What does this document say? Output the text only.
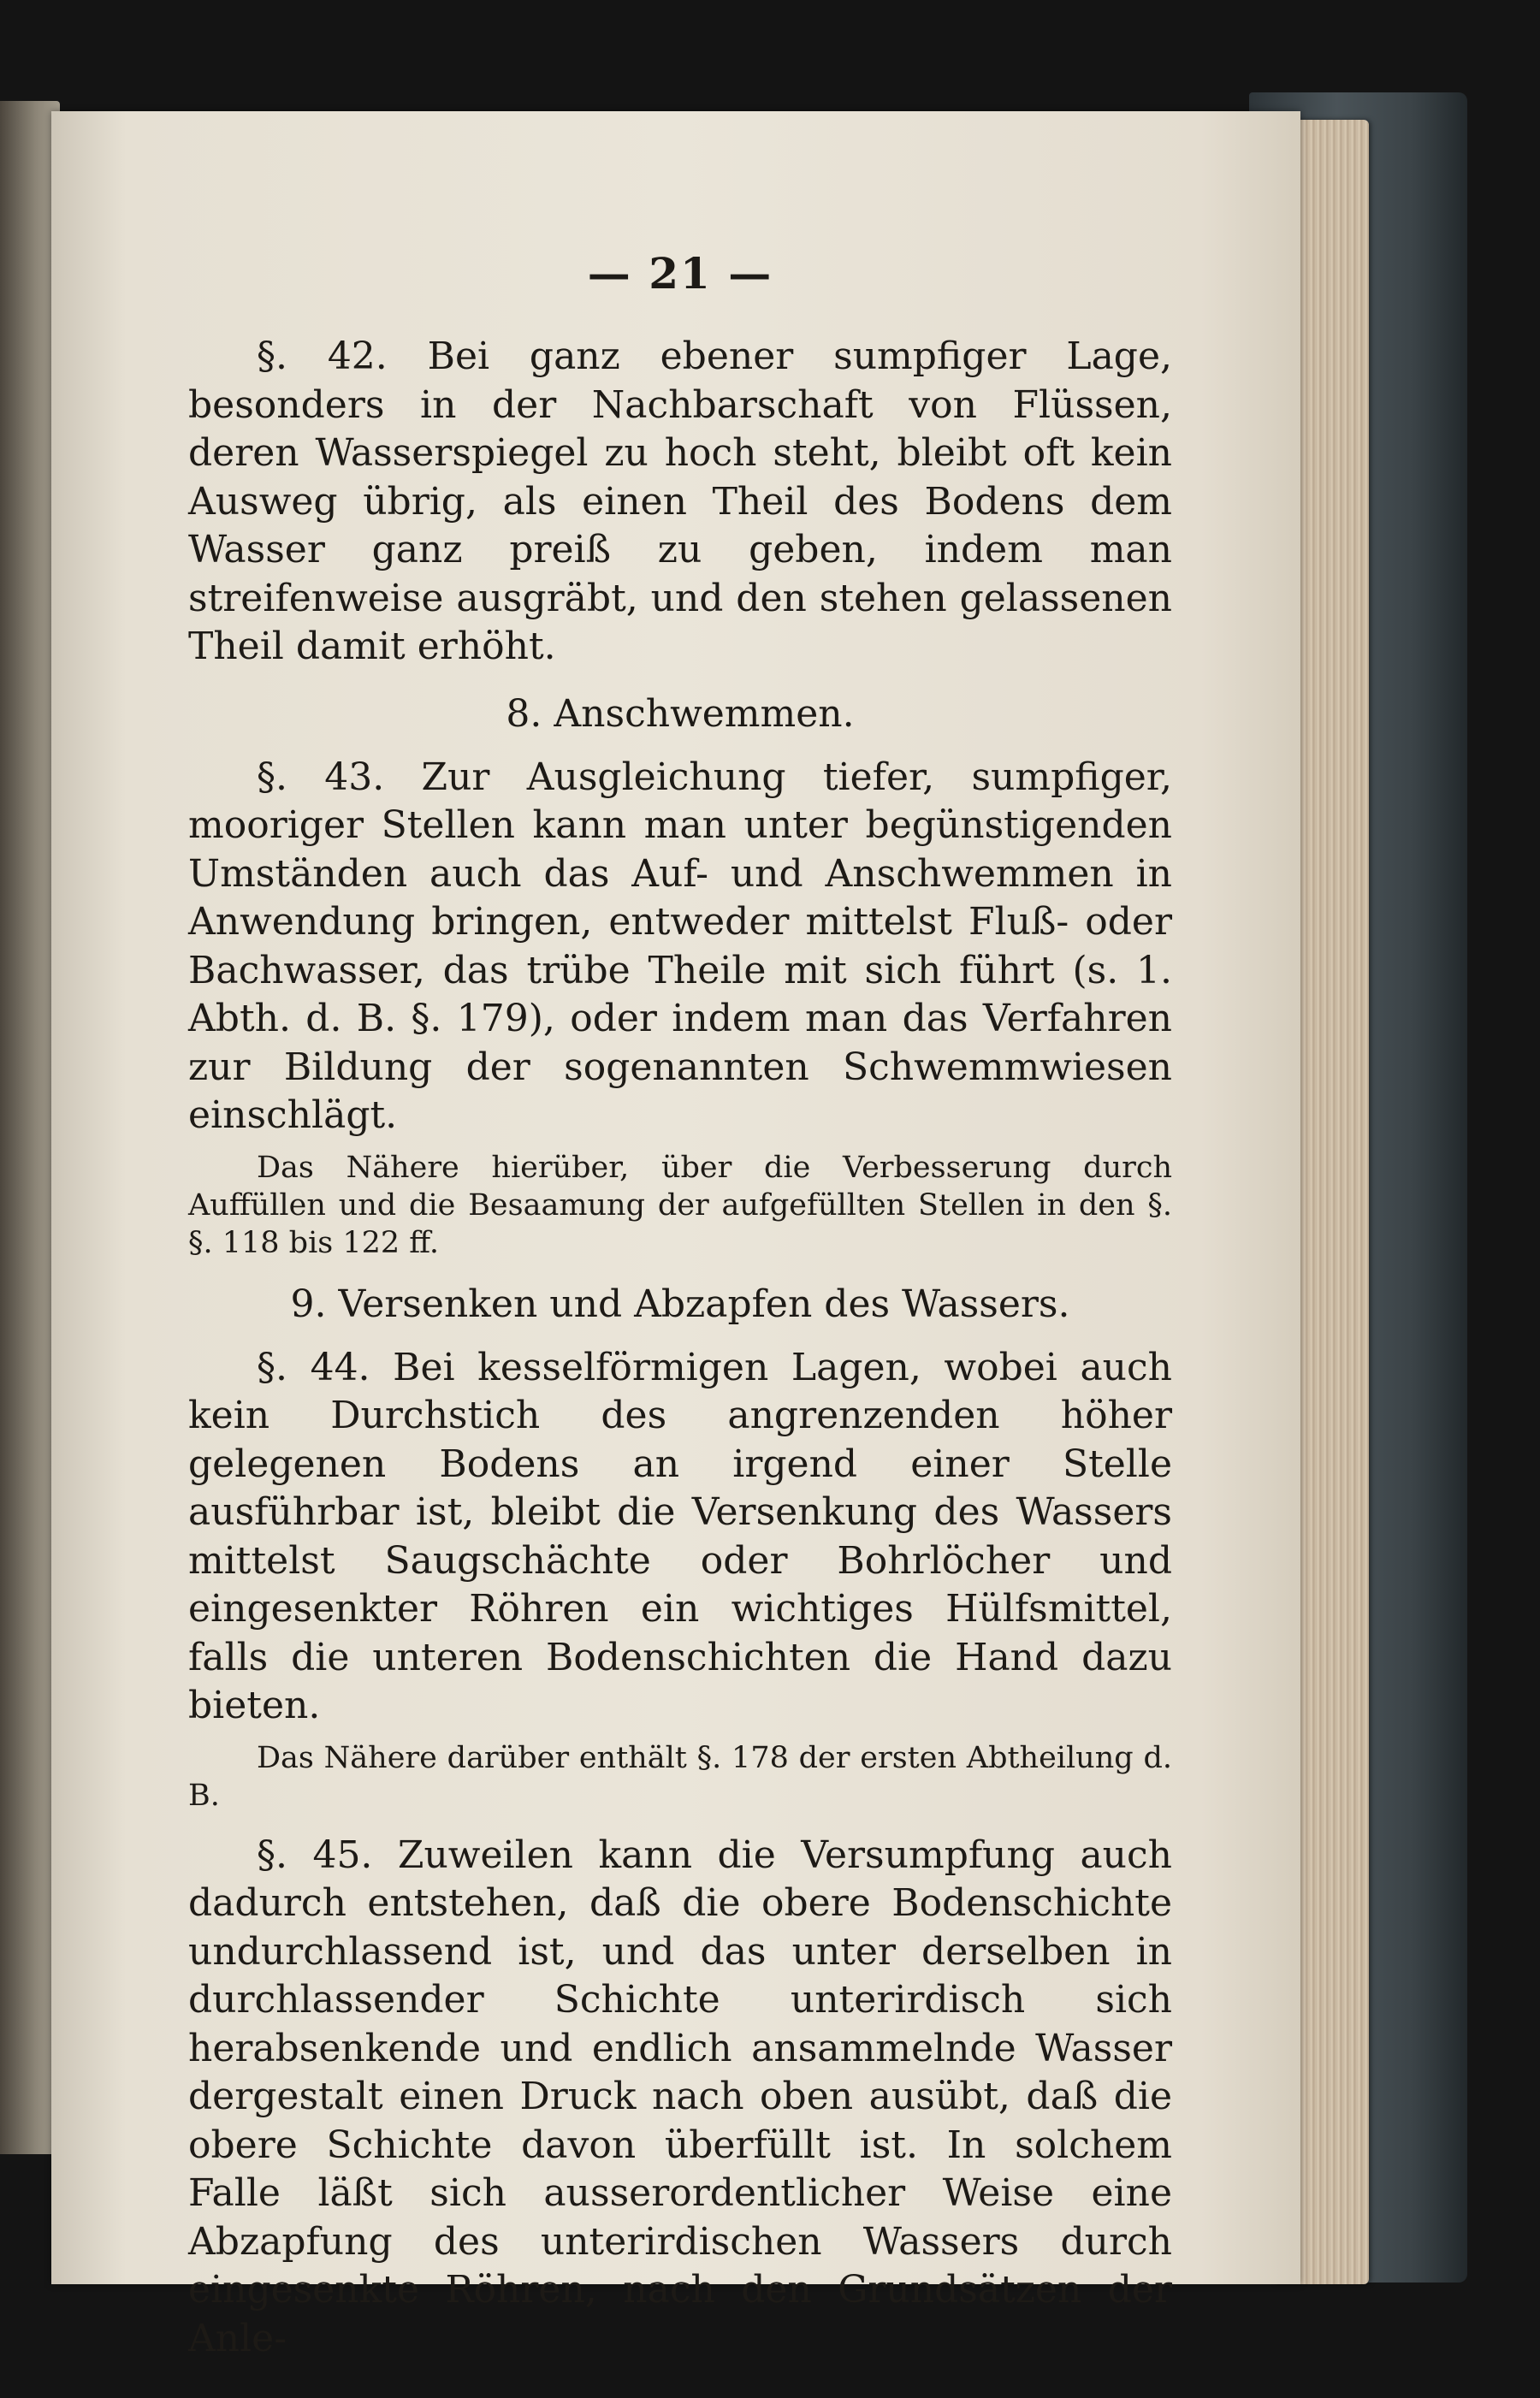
— 21 —

§. 42. Bei ganz ebener sumpfiger Lage, besonders in der Nachbarschaft von Flüssen, deren Wasserspiegel zu hoch steht, bleibt oft kein Ausweg übrig, als einen Theil des Bodens dem Wasser ganz preiß zu geben, indem man streifenweise ausgräbt, und den stehen gelassenen Theil damit erhöht.

8. Anschwemmen.

§. 43. Zur Ausgleichung tiefer, sumpfiger, mooriger Stellen kann man unter begünstigenden Umständen auch das Auf- und Anschwemmen in Anwendung bringen, entweder mittelst Fluß- oder Bachwasser, das trübe Theile mit sich führt (s. 1. Abth. d. B. §. 179), oder indem man das Verfahren zur Bildung der sogenannten Schwemmwiesen einschlägt.

Das Nähere hierüber, über die Verbesserung durch Auffüllen und die Besaamung der aufgefüllten Stellen in den §. §. 118 bis 122 ff.

9. Versenken und Abzapfen des Wassers.

§. 44. Bei kesselförmigen Lagen, wobei auch kein Durchstich des angrenzenden höher gelegenen Bodens an irgend einer Stelle ausführbar ist, bleibt die Versenkung des Wassers mittelst Saugschächte oder Bohrlöcher und eingesenkter Röhren ein wichtiges Hülfsmittel, falls die unteren Bodenschichten die Hand dazu bieten.

Das Nähere darüber enthält §. 178 der ersten Abtheilung d. B.

§. 45. Zuweilen kann die Versumpfung auch dadurch entstehen, daß die obere Bodenschichte undurchlassend ist, und das unter derselben in durchlassender Schichte unterirdisch sich herabsenkende und endlich ansammelnde Wasser dergestalt einen Druck nach oben ausübt, daß die obere Schichte davon überfüllt ist. In solchem Falle läßt sich ausserordentlicher Weise eine Abzapfung des unterirdischen Wassers durch eingesenkte Röhren, nach den Grundsätzen der Anle-
